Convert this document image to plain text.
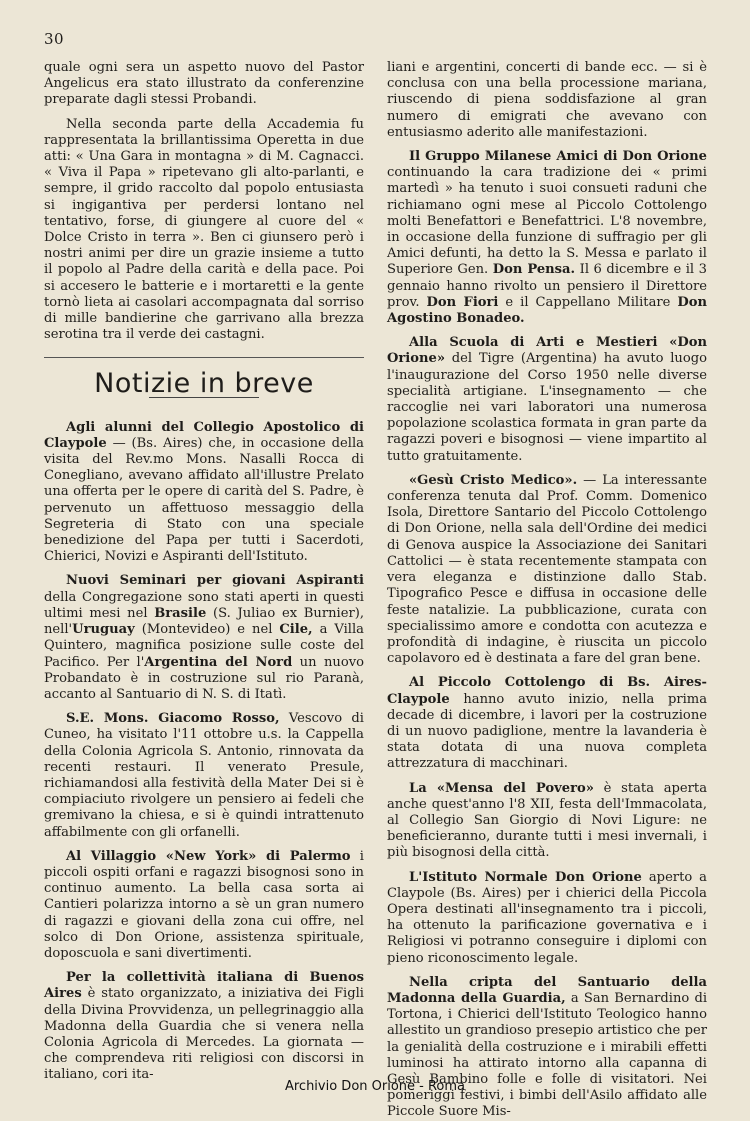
30

quale ogni sera un aspetto nuovo del Pastor Angelicus era stato illustrato da conferenzine preparate dagli stessi Probandi.

Nella seconda parte della Accademia fu rappresentata la brillantissima Operetta in due atti: « Una Gara in montagna » di M. Cagnacci. « Viva il Papa » ripetevano gli alto-parlanti, e sempre, il grido raccolto dal popolo entusiasta si ingigantiva per perdersi lontano nel tentativo, forse, di giungere al cuore del « Dolce Cristo in terra ». Ben ci giunsero però i nostri animi per dire un grazie insieme a tutto il popolo al Padre della carità e della pace. Poi si accesero le batterie e i mortaretti e la gente tornò lieta ai casolari accompagnata dal sorriso di mille bandierine che garrivano alla brezza serotina tra il verde dei castagni.

Notizie in breve

Agli alunni del Collegio Apostolico di Claypole — (Bs. Aires) che, in occasione della visita del Rev.mo Mons. Nasalli Rocca di Conegliano, avevano affidato all'illustre Prelato una offerta per le opere di carità del S. Padre, è pervenuto un affettuoso messaggio della Segreteria di Stato con una speciale benedizione del Papa per tutti i Sacerdoti, Chierici, Novizi e Aspiranti dell'Istituto.

Nuovi Seminari per giovani Aspiranti della Congregazione sono stati aperti in questi ultimi mesi nel Brasile (S. Juliao ex Burnier), nell'Uruguay (Montevideo) e nel Cile, a Villa Quintero, magnifica posizione sulle coste del Pacifico. Per l'Argentina del Nord un nuovo Probandato è in costruzione sul rio Paranà, accanto al Santuario di N. S. di Itatì.

S.E. Mons. Giacomo Rosso, Vescovo di Cuneo, ha visitato l'11 ottobre u.s. la Cappella della Colonia Agricola S. Antonio, rinnovata da recenti restauri. Il venerato Presule, richiamandosi alla festività della Mater Dei si è compiaciuto rivolgere un pensiero ai fedeli che gremivano la chiesa, e si è quindi intrattenuto affabilmente con gli orfanelli.

Al Villaggio «New York» di Palermo i piccoli ospiti orfani e ragazzi bisognosi sono in continuo aumento. La bella casa sorta ai Cantieri polarizza intorno a sè un gran numero di ragazzi e giovani della zona cui offre, nel solco di Don Orione, assistenza spirituale, doposcuola e sani divertimenti.

Per la collettività italiana di Buenos Aires è stato organizzato, a iniziativa dei Figli della Divina Provvidenza, un pellegrinaggio alla Madonna della Guardia che si venera nella Colonia Agricola di Mercedes. La giornata — che comprendeva riti religiosi con discorsi in italiano, cori ita-

liani e argentini, concerti di bande ecc. — si è conclusa con una bella processione mariana, riuscendo di piena soddisfazione al gran numero di emigrati che avevano con entusiasmo aderito alle manifestazioni.

Il Gruppo Milanese Amici di Don Orione continuando la cara tradizione dei « primi martedì » ha tenuto i suoi consueti raduni che richiamano ogni mese al Piccolo Cottolengo molti Benefattori e Benefattrici. L'8 novembre, in occasione della funzione di suffragio per gli Amici defunti, ha detto la S. Messa e parlato il Superiore Gen. Don Pensa. Il 6 dicembre e il 3 gennaio hanno rivolto un pensiero il Direttore prov. Don Fiori e il Cappellano Militare Don Agostino Bonadeo.

Alla Scuola di Arti e Mestieri «Don Orione» del Tigre (Argentina) ha avuto luogo l'inaugurazione del Corso 1950 nelle diverse specialità artigiane. L'insegnamento — che raccoglie nei vari laboratori una numerosa popolazione scolastica formata in gran parte da ragazzi poveri e bisognosi — viene impartito al tutto gratuitamente.

«Gesù Cristo Medico». — La interessante conferenza tenuta dal Prof. Comm. Domenico Isola, Direttore Santario del Piccolo Cottolengo di Don Orione, nella sala dell'Ordine dei medici di Genova auspice la Associazione dei Sanitari Cattolici — è stata recentemente stampata con vera eleganza e distinzione dallo Stab. Tipografico Pesce e diffusa in occasione delle feste natalizie. La pubblicazione, curata con specialissimo amore e condotta con acutezza e profondità di indagine, è riuscita un piccolo capolavoro ed è destinata a fare del gran bene.

Al Piccolo Cottolengo di Bs. Aires-Claypole hanno avuto inizio, nella prima decade di dicembre, i lavori per la costruzione di un nuovo padiglione, mentre la lavanderia è stata dotata di una nuova completa attrezzatura di macchinari.

La «Mensa del Povero» è stata aperta anche quest'anno l'8 XII, festa dell'Immacolata, al Collegio San Giorgio di Novi Ligure: ne beneficieranno, durante tutti i mesi invernali, i più bisognosi della città.

L'Istituto Normale Don Orione aperto a Claypole (Bs. Aires) per i chierici della Piccola Opera destinati all'insegnamento tra i piccoli, ha ottenuto la parificazione governativa e i Religiosi vi potranno conseguire i diplomi con pieno riconoscimento legale.

Nella cripta del Santuario della Madonna della Guardia, a San Bernardino di Tortona, i Chierici dell'Istituto Teologico hanno allestito un grandioso presepio artistico che per la genialità della costruzione e i mirabili effetti luminosi ha attirato intorno alla capanna di Gesù Bambino folle e folle di visitatori. Nei pomeriggi festivi, i bimbi dell'Asilo affidato alle Piccole Suore Mis-

Archivio Don Orione - Roma
